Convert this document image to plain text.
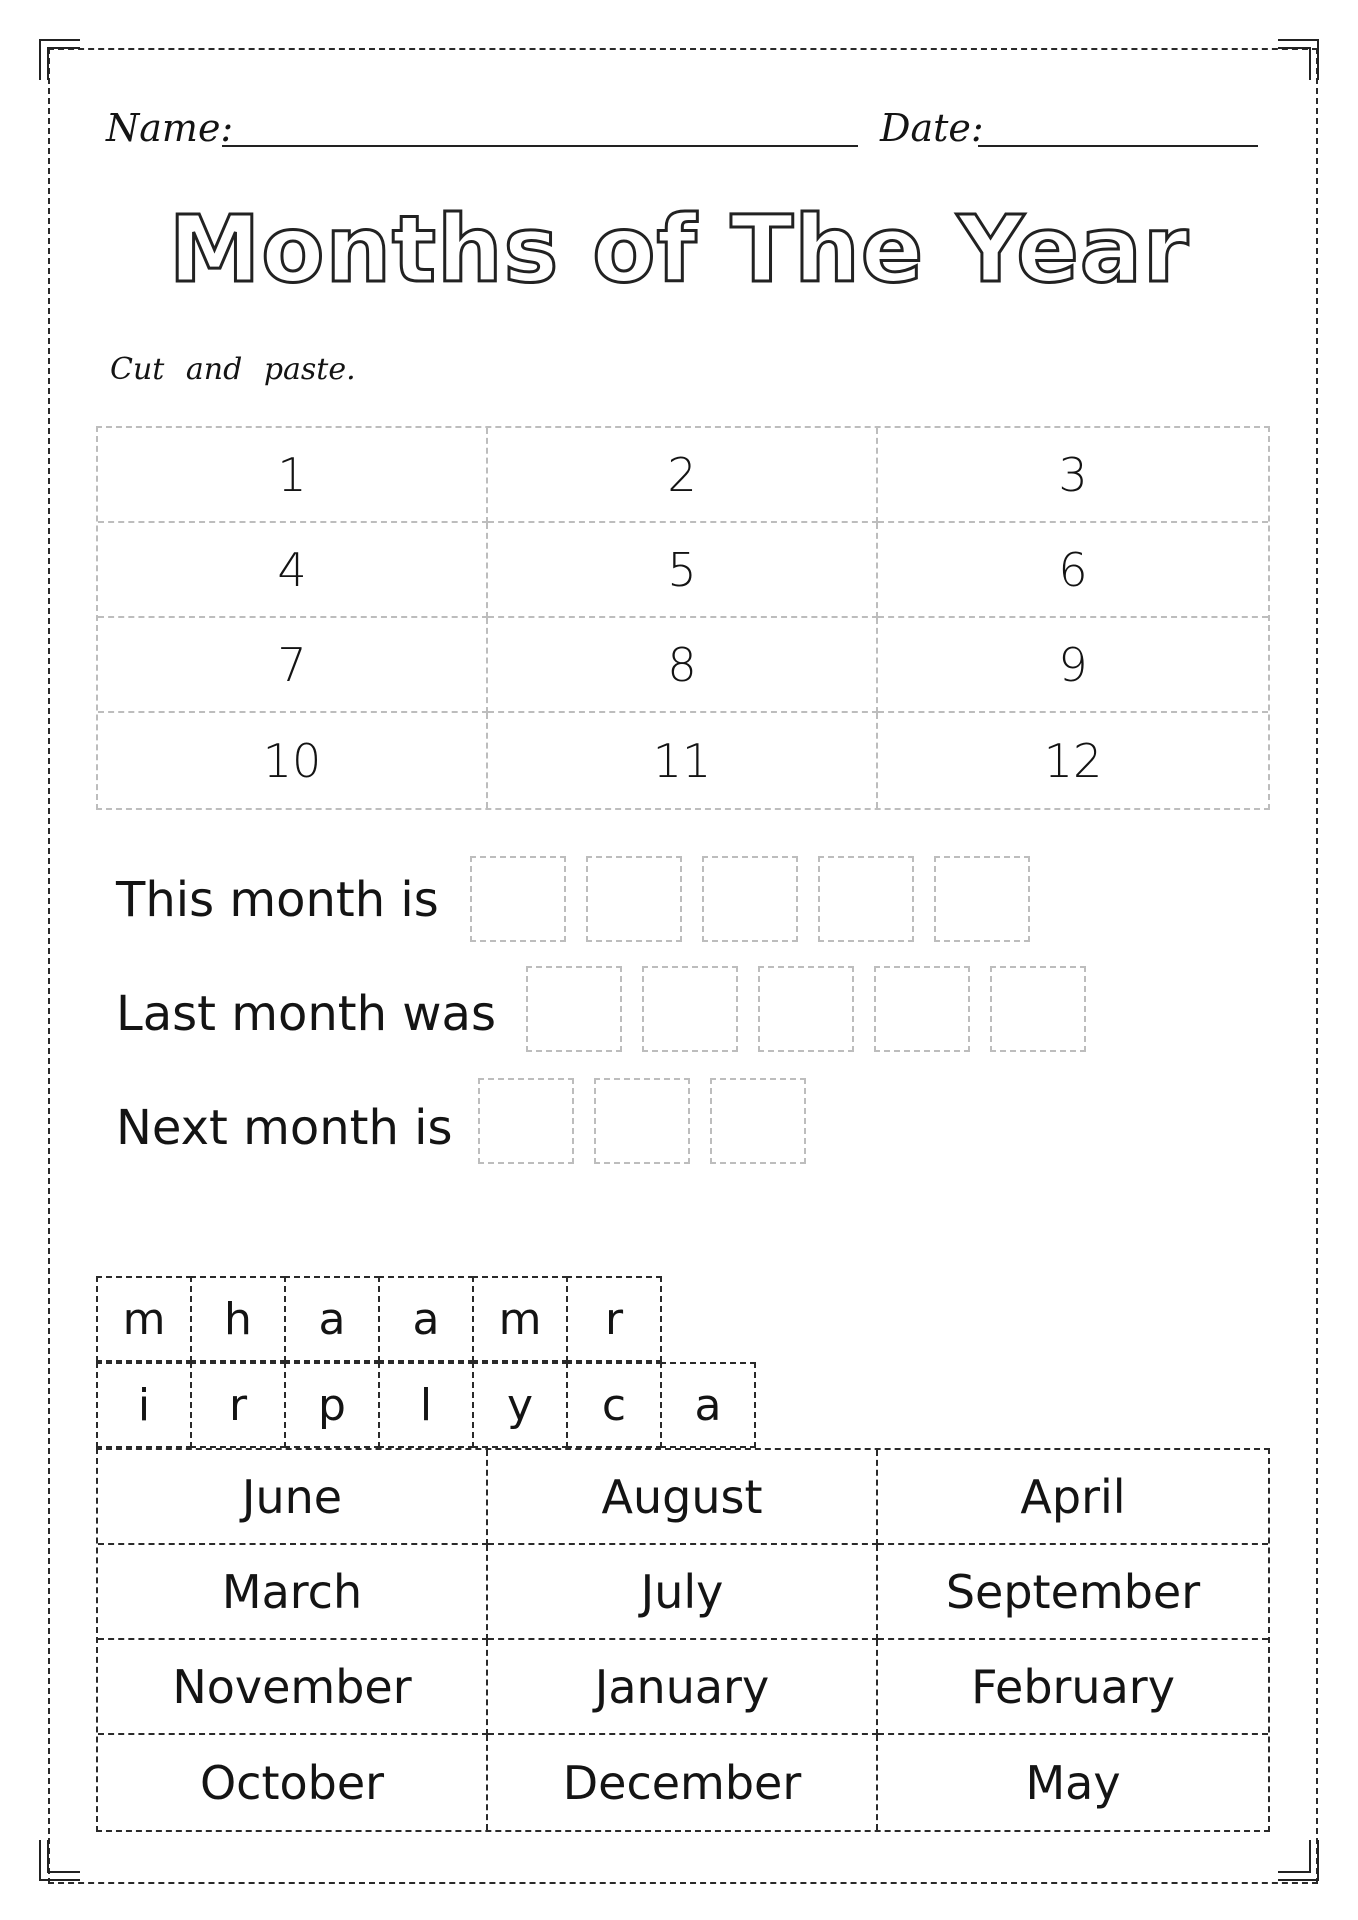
Name:	Date:
Months of The Year
Cut and paste.
1	2	3
4	5	6
7	8	9
10	11	12
This month is
Last month was
Next month is
m	h	a	a	m	r
i	r	p	l	y	c	a
June	August	April
March	July	September
November	January	February
October	December	May
